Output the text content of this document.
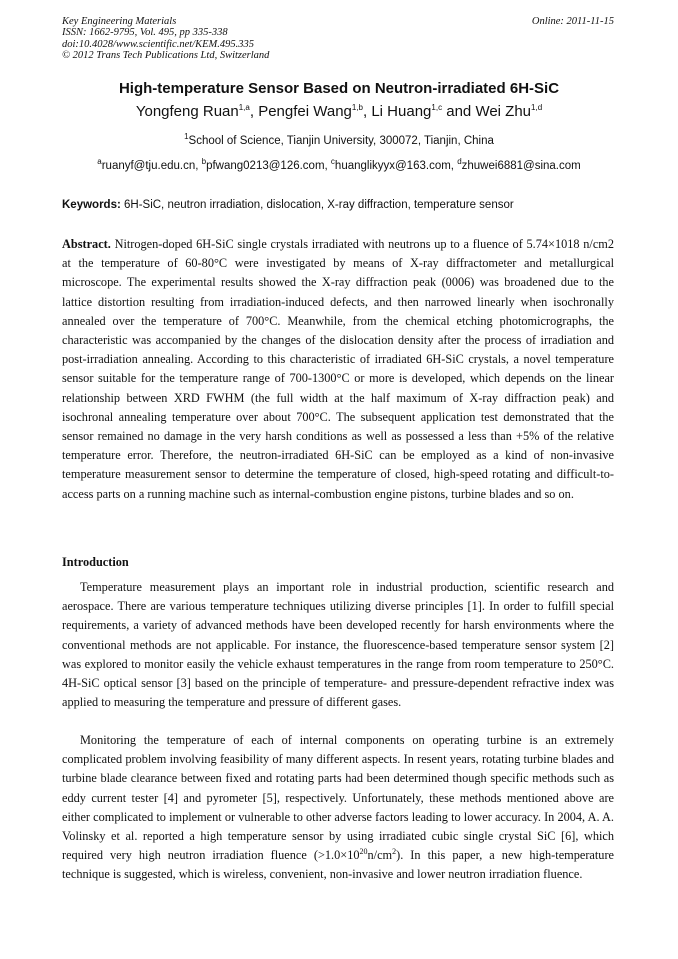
Key Engineering Materials
ISSN: 1662-9795, Vol. 495, pp 335-338
doi:10.4028/www.scientific.net/KEM.495.335
© 2012 Trans Tech Publications Ltd, Switzerland
Online: 2011-11-15
High-temperature Sensor Based on Neutron-irradiated 6H-SiC
Yongfeng Ruan$^{1,a}$, Pengfei Wang$^{1,b}$, Li Huang$^{1,c}$ and Wei Zhu$^{1,d}$
$^1$School of Science, Tianjin University, 300072, Tianjin, China
$^a$ruanyf@tju.edu.cn, $^b$pfwang0213@126.com, $^c$huanglikyyx@163.com, $^d$zhuwei6881@sina.com
Keywords: 6H-SiC, neutron irradiation, dislocation, X-ray diffraction, temperature sensor
Abstract. Nitrogen-doped 6H-SiC single crystals irradiated with neutrons up to a fluence of 5.74×1018 n/cm2 at the temperature of 60-80°C were investigated by means of X-ray diffractometer and metallurgical microscope. The experimental results showed the X-ray diffraction peak (0006) was broadened due to the lattice distortion resulting from irradiation-induced defects, and then narrowed linearly when isochronally annealed over the temperature of 700°C. Meanwhile, from the chemical etching photomicrographs, the characteristic was accompanied by the changes of the dislocation density after the process of irradiation and post-irradiation annealing. According to this characteristic of irradiated 6H-SiC crystals, a novel temperature sensor suitable for the temperature range of 700-1300°C or more is developed, which depends on the linear relationship between XRD FWHM (the full width at the half maximum of X-ray diffraction peak) and isochronal annealing temperature over about 700°C. The subsequent application test demonstrated that the sensor remained no damage in the very harsh conditions as well as possessed a less than +5% of the relative temperature error. Therefore, the neutron-irradiated 6H-SiC can be employed as a kind of non-invasive temperature measurement sensor to determine the temperature of closed, high-speed rotating and difficult-to-access parts on a running machine such as internal-combustion engine pistons, turbine blades and so on.
Introduction
Temperature measurement plays an important role in industrial production, scientific research and aerospace. There are various temperature techniques utilizing diverse principles [1]. In order to fulfill special requirements, a variety of advanced methods have been developed recently for harsh environments where the conventional methods are not applicable. For instance, the fluorescence-based temperature sensor system [2] was explored to monitor easily the vehicle exhaust temperatures in the range from room temperature to 250°C. 4H-SiC optical sensor [3] based on the principle of temperature- and pressure-dependent refractive index was applied to measuring the temperature and pressure of different gases.
Monitoring the temperature of each of internal components on operating turbine is an extremely complicated problem involving feasibility of many different aspects. In resent years, rotating turbine blades and turbine blade clearance between fixed and rotating parts had been determined though specific methods such as eddy current tester [4] and pyrometer [5], respectively. Unfortunately, these methods mentioned above are either complicated to implement or vulnerable to other adverse factors leading to lower accuracy. In 2004, A. A. Volinsky et al. reported a high temperature sensor by using irradiated cubic single crystal SiC [6], which required very high neutron irradiation fluence $(>1.0\times 10^{20}n/cm^2)$. In this paper, a new high-temperature technique is suggested, which is wireless, convenient, non-invasive and lower neutron irradiation fluence.
